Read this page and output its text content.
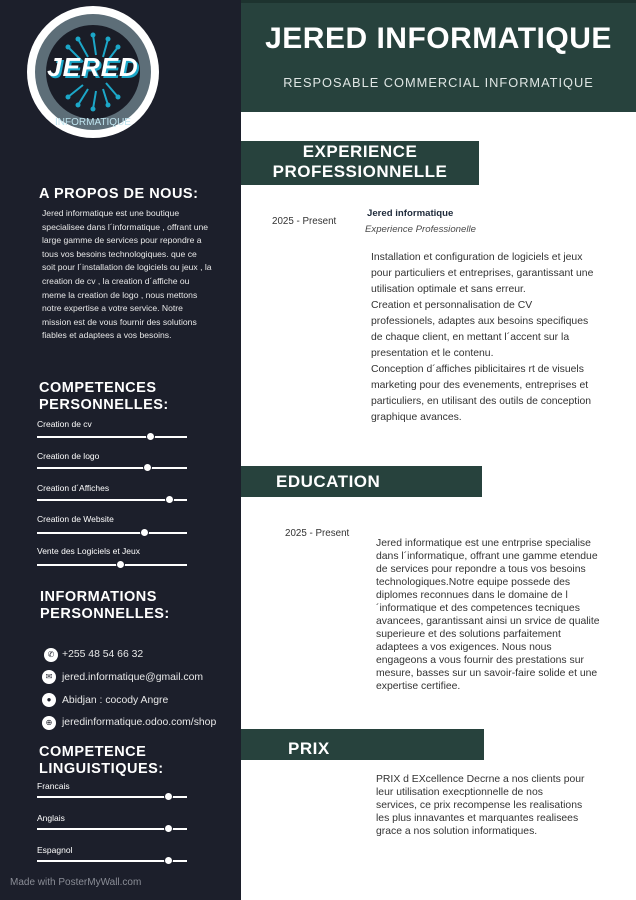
JERED
INFORMATIQUE
A PROPOS DE NOUS:
Jered informatique est une boutique specialisee dans l´informatique , offrant une large gamme de services pour repondre a tous vos besoins technologiques. que ce soit pour l´installation de logiciels ou jeux , la creation de cv , la creation d´affiche ou meme la creation de logo , nous mettons notre expertise a votre service. Notre mission est de vous fournir des solutions fiables et adaptees a vos besoins.
COMPETENCES PERSONNELLES:
Creation de cv
Creation de logo
Creation d´Affiches
Creation de Website
Vente des Logiciels et Jeux
INFORMATIONS PERSONNELLES:
✆ +255 48 54 66 32
✉ jered.informatique@gmail.com
●	Abidjan : cocody Angre
⊕ jeredinformatique.odoo.com/shop
COMPETENCE LINGUISTIQUES:
Francais
Anglais
Espagnol
Made with PosterMyWall.com
JERED INFORMATIQUE
RESPOSABLE COMMERCIAL INFORMATIQUE
EXPERIENCE PROFESSIONNELLE
2025 - Present
Jered informatique
Experience Professionelle
Installation et configuration de logiciels et jeux pour particuliers et entreprises, garantissant une utilisation optimale et sans erreur.
Creation et personnalisation de CV professionels, adaptes aux besoins specifiques de chaque client, en mettant l´accent sur la presentation et le contenu.
Conception d´affiches piblicitaires rt de visuels marketing pour des evenements, entreprises et particuliers, en utilisant des outils de conception graphique avances.
EDUCATION
2025 - Present
Jered informatique est une entrprise specialise dans l´informatique, offrant une gamme etendue de services pour repondre a tous vos besoins technologiques.Notre equipe possede des diplomes reconnues dans le domaine de l´informatique et des competences tecniques avancees, garantissant ainsi un srvice de qualite superieure et des solutions parfaitement adaptees a vos exigences. Nous nous engageons a vous fournir des prestations sur mesure, basses sur un savoir-faire solide et une expertise certifiee.
PRIX
PRIX d EXcellence Decrne a nos clients pour leur utilisation execptionnelle de nos services, ce prix recompense les realisations les plus innavantes et marquantes realisees grace a nos solution informatiques.
